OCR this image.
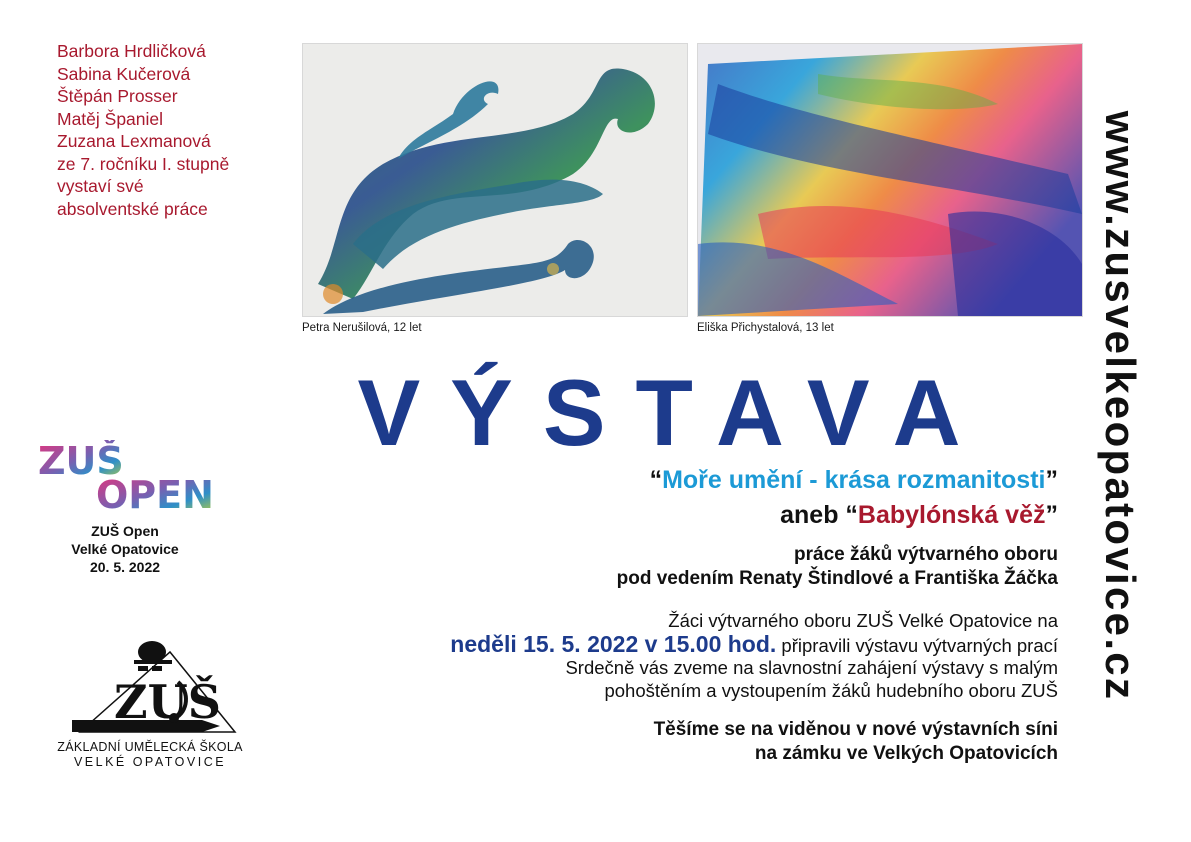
Barbora Hrdličková
Sabina Kučerová
Štěpán Prosser
Matěj Španiel
Zuzana Lexmanová
ze 7. ročníku I. stupně
vystaví své
absolventské práce
Petra Nerušilová, 12 let	Eliška Přichystalová, 13 let	www.zusvelkeopatovice.cz
VÝSTAVA
“Moře umění - krása rozmanitosti”
aneb “Babylónská věž”
práce žáků výtvarného oboru
pod vedením Renaty Štindlové a Františka Žáčka
Žáci výtvarného oboru ZUŠ Velké Opatovice na
neděli 15. 5. 2022 v 15.00 hod. připravili výstavu výtvarných prací
Srdečně vás zveme na slavnostní zahájení výstavy s malým
pohoštěním a vystoupením žáků hudebního oboru ZUŠ
Těšíme se na viděnou v nové výstavních síni
na zámku ve Velkých Opatovicích
ZUŠ
OPEN
ZUŠ Open
Velké Opatovice
20. 5. 2022
ZUŠ
ZÁKLADNÍ UMĚLECKÁ ŠKOLA
VELKÉ OPATOVICE
